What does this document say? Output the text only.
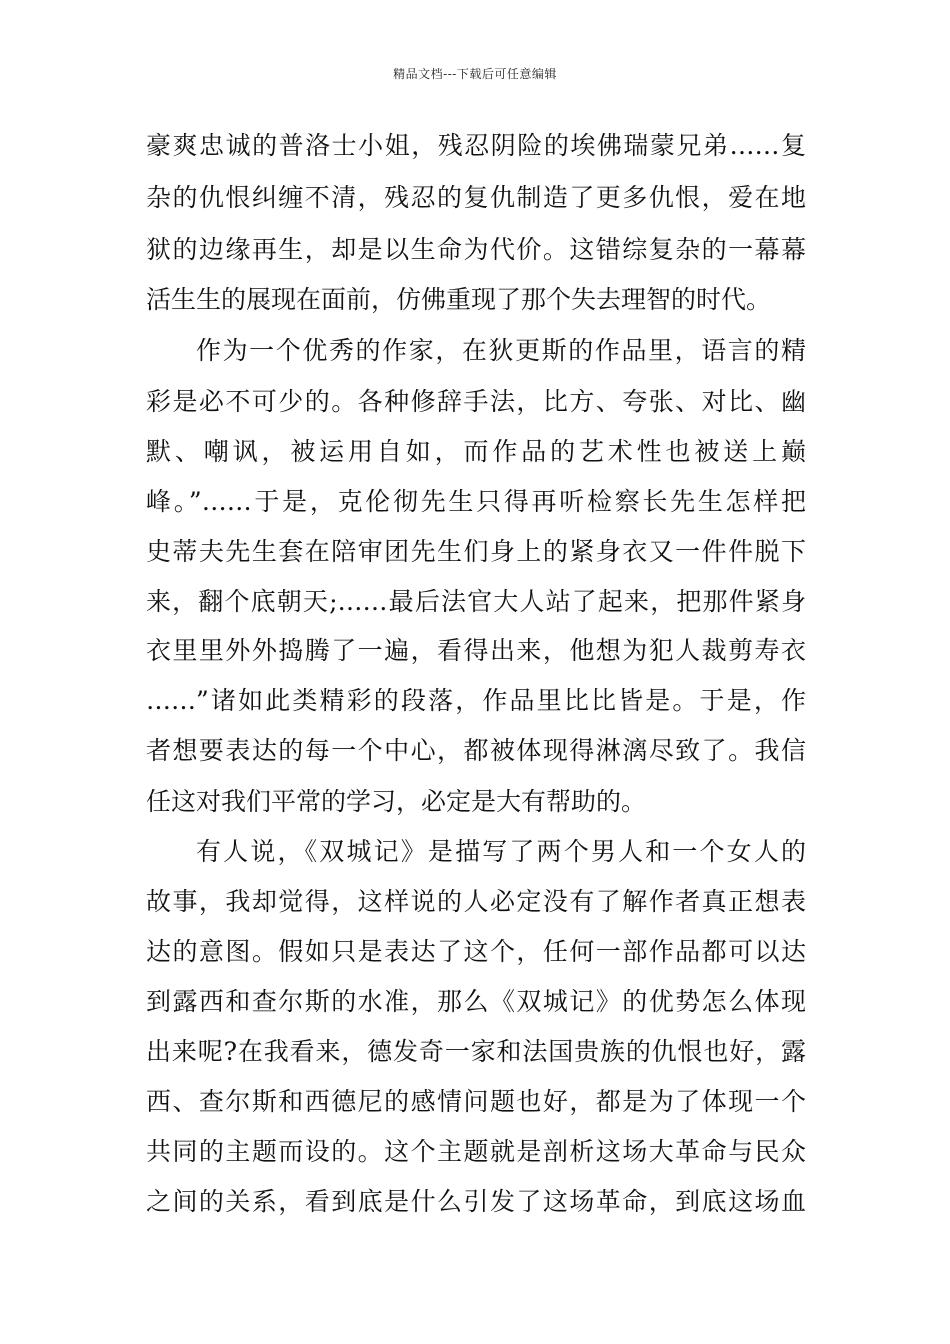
精品文档---下载后可任意编辑
豪爽忠诚的普洛士小姐，残忍阴险的埃佛瑞蒙兄弟……复
杂的仇恨纠缠不清，残忍的复仇制造了更多仇恨，爱在地
狱的边缘再生，却是以生命为代价。这错综复杂的一幕幕
活生生的展现在面前，仿佛重现了那个失去理智的时代。
作为一个优秀的作家，在狄更斯的作品里，语言的精
彩是必不可少的。各种修辞手法，比方、夸张、对比、幽
默、嘲讽，被运用自如，而作品的艺术性也被送上巅
峰。”……于是，克伦彻先生只得再听检察长先生怎样把
史蒂夫先生套在陪审团先生们身上的紧身衣又一件件脱下
来，翻个底朝天;……最后法官大人站了起来，把那件紧身
衣里里外外捣腾了一遍，看得出来，他想为犯人裁剪寿衣
……”诸如此类精彩的段落，作品里比比皆是。于是，作
者想要表达的每一个中心，都被体现得淋漓尽致了。我信
任这对我们平常的学习，必定是大有帮助的。
有人说，《双城记》是描写了两个男人和一个女人的
故事，我却觉得，这样说的人必定没有了解作者真正想表
达的意图。假如只是表达了这个，任何一部作品都可以达
到露西和查尔斯的水准，那么《双城记》的优势怎么体现
出来呢?在我看来，德发奇一家和法国贵族的仇恨也好，露
西、查尔斯和西德尼的感情问题也好，都是为了体现一个
共同的主题而设的。这个主题就是剖析这场大革命与民众
之间的关系，看到底是什么引发了这场革命，到底这场血
